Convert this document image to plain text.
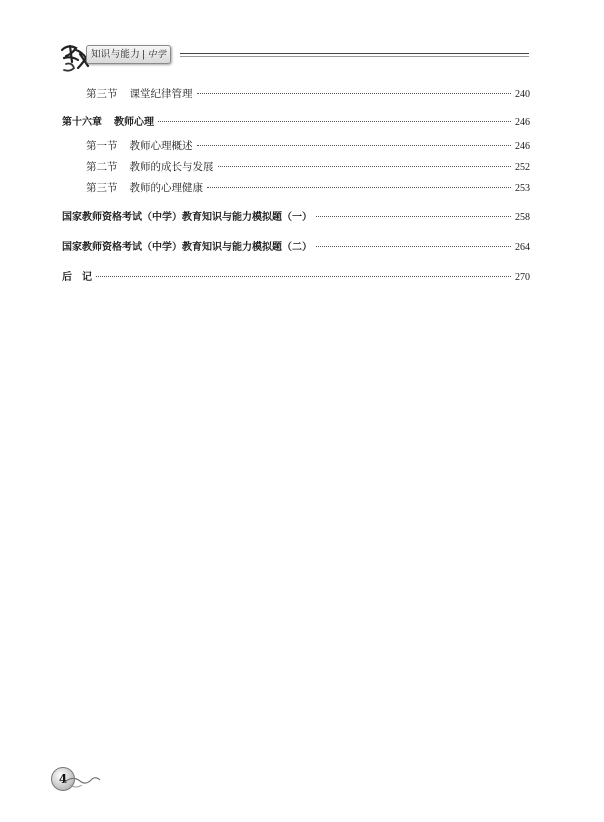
知识与能力 | 中学
第三节 课堂纪律管理	240
第十六章 教师心理	246
第一节 教师心理概述	246
第二节 教师的成长与发展	252
第三节 教师的心理健康	253
国家教师资格考试（中学）教育知识与能力模拟题（一）	258
国家教师资格考试（中学）教育知识与能力模拟题（二）	264
后　记	270
4
